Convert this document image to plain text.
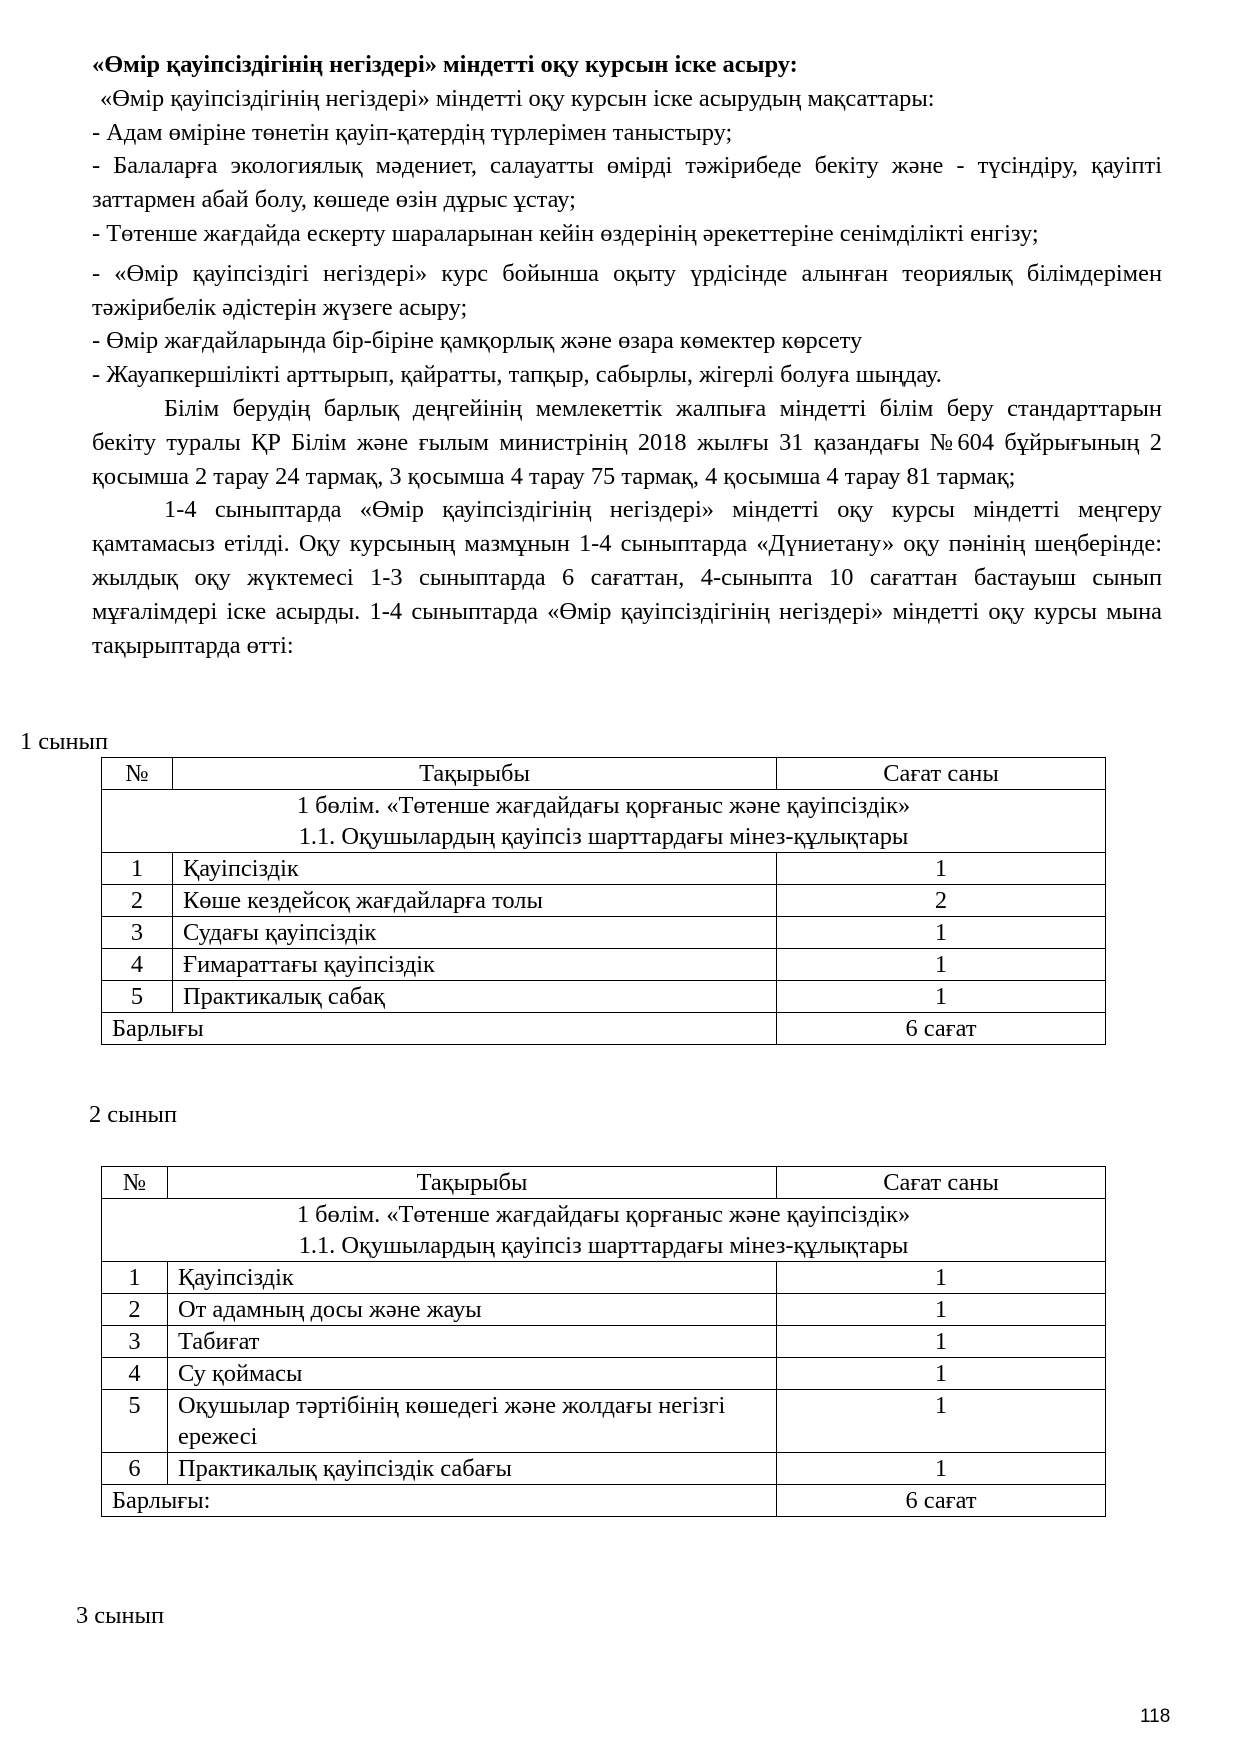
«Өмір қауіпсіздігінің негіздері» міндетті оқу курсын іске асыру:

«Өмір қауіпсіздігінің негіздері» міндетті оқу курсын іске асырудың мақсаттары:

- Адам өміріне төнетін қауіп-қатердің түрлерімен таныстыру;

- Балаларға экологиялық мәдениет, салауатты өмірді тәжірибеде бекіту және - түсіндіру, қауіпті заттармен абай болу, көшеде өзін дұрыс ұстау;

- Төтенше жағдайда ескерту шараларынан кейін өздерінің әрекеттеріне сенімділікті енгізу;

- «Өмір қауіпсіздігі негіздері» курс бойынша оқыту үрдісінде алынған теориялық білімдерімен тәжірибелік әдістерін жүзеге асыру;

- Өмір жағдайларында бір-біріне қамқорлық және өзара көмектер көрсету

- Жауапкершілікті арттырып, қайратты, тапқыр, сабырлы, жігерлі болуға шыңдау.

Білім берудің барлық деңгейінің мемлекеттік жалпыға міндетті білім беру стандарттарын бекіту туралы ҚР Білім және ғылым министрінің 2018 жылғы 31 қазандағы №604 бұйрығының 2 қосымша 2 тарау 24 тармақ, 3 қосымша 4 тарау 75 тармақ, 4 қосымша 4 тарау 81 тармақ;

1-4 сыныптарда «Өмір қауіпсіздігінің негіздері» міндетті оқу курсы міндетті меңгеру қамтамасыз етілді. Оқу курсының мазмұнын 1-4 сыныптарда «Дүниетану» оқу пәнінің шеңберінде: жылдық оқу жүктемесі 1-3 сыныптарда 6 сағаттан, 4-сыныпта 10 сағаттан бастауыш сынып мұғалімдері іске асырды. 1-4 сыныптарда «Өмір қауіпсіздігінің негіздері» міндетті оқу курсы мына тақырыптарда өтті:

1 сынып
№	Тақырыбы	Сағат саны

1 бөлім. «Төтенше жағдайдағы қорғаныс және қауіпсіздік»
1.1. Оқушылардың қауіпсіз шарттардағы мінез-құлықтары		

1	Қауіпсіздік	1
2	Көше кездейсоқ жағдайларға толы	2
3	Судағы қауіпсіздік	1
4	Ғимараттағы қауіпсіздік	1
5	Практикалық сабақ	1
Барлығы		6 сағат
2 сынып
№	Тақырыбы	Сағат саны

1 бөлім. «Төтенше жағдайдағы қорғаныс және қауіпсіздік»
1.1. Оқушылардың қауіпсіз шарттардағы мінез-құлықтары		

1	Қауіпсіздік	1
2	От адамның досы және жауы	1
3	Табиғат	1
4	Су қоймасы	1
5	Оқушылар тәртібінің көшедегі және жолдағы негізгі ережесі	1
6	Практикалық қауіпсіздік сабағы	1
Барлығы:		6 сағат
3 сынып
118
